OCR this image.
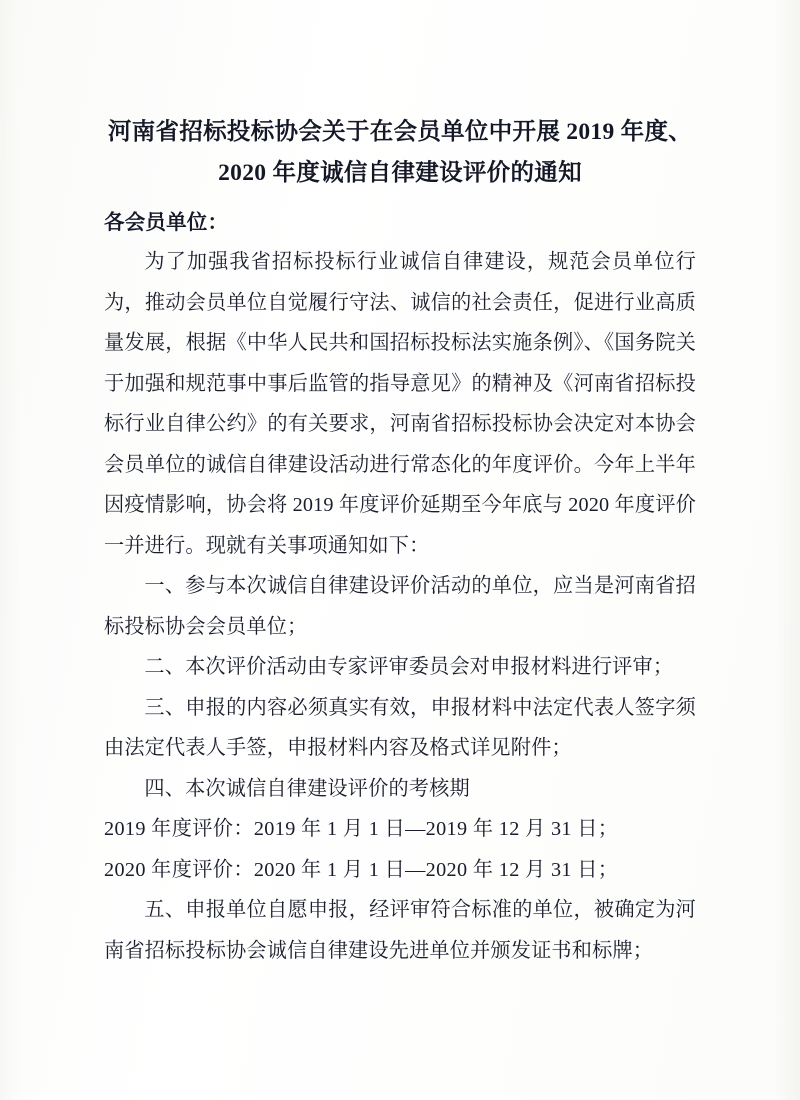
河南省招标投标协会关于在会员单位中开展 2019 年度、
2020 年度诚信自律建设评价的通知
各会员单位：

为了加强我省招标投标行业诚信自律建设，规范会员单位行为，推动会员单位自觉履行守法、诚信的社会责任，促进行业高质量发展，根据《中华人民共和国招标投标法实施条例》、《国务院关于加强和规范事中事后监管的指导意见》的精神及《河南省招标投标行业自律公约》的有关要求，河南省招标投标协会决定对本协会会员单位的诚信自律建设活动进行常态化的年度评价。今年上半年因疫情影响，协会将 2019 年度评价延期至今年底与 2020 年度评价一并进行。现就有关事项通知如下：

一、参与本次诚信自律建设评价活动的单位，应当是河南省招标投标协会会员单位；

二、本次评价活动由专家评审委员会对申报材料进行评审；

三、申报的内容必须真实有效，申报材料中法定代表人签字须由法定代表人手签，申报材料内容及格式详见附件；

四、本次诚信自律建设评价的考核期

2019 年度评价：2019 年 1 月 1 日—2019 年 12 月 31 日；
2020 年度评价：2020 年 1 月 1 日—2020 年 12 月 31 日；

五、申报单位自愿申报，经评审符合标准的单位，被确定为河南省招标投标协会诚信自律建设先进单位并颁发证书和标牌；
